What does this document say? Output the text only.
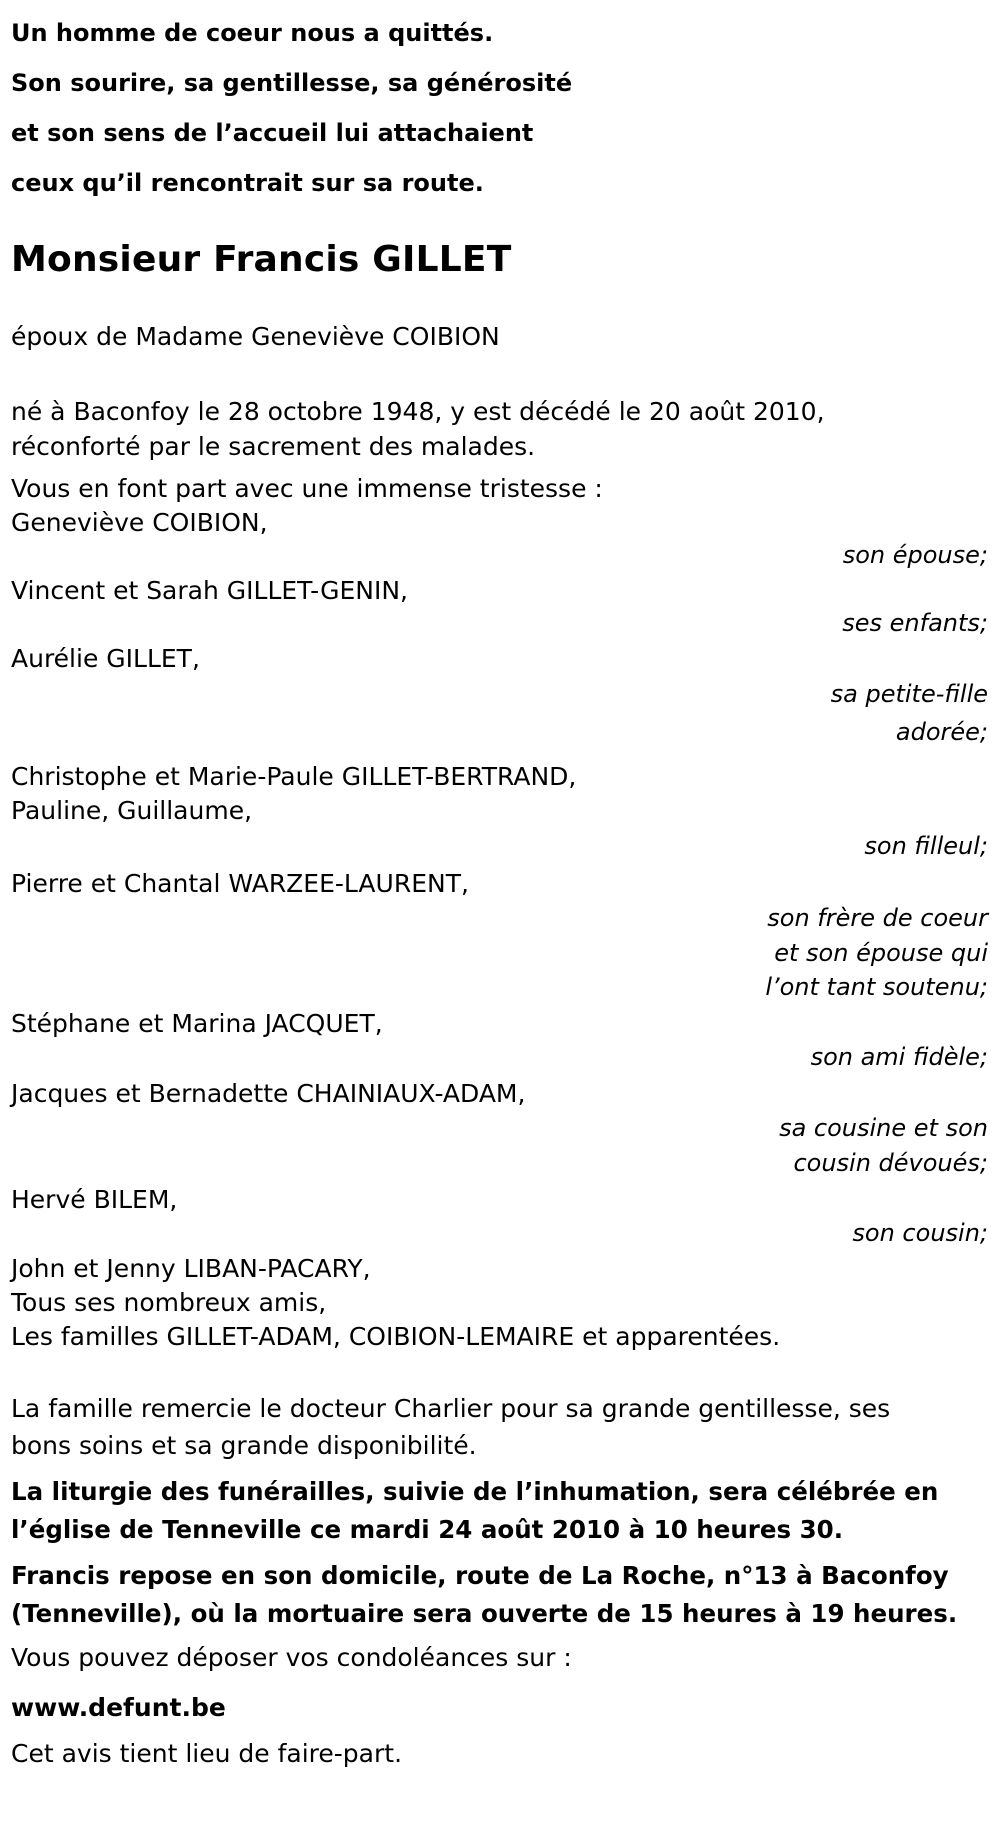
Un homme de coeur nous a quittés.
Son sourire, sa gentillesse, sa générosité
et son sens de l’accueil lui attachaient
ceux qu’il rencontrait sur sa route.
Monsieur Francis GILLET
époux de Madame Geneviève COIBION
né à Baconfoy le 28 octobre 1948, y est décédé le 20 août 2010,
réconforté par le sacrement des malades.
Vous en font part avec une immense tristesse :
Geneviève COIBION,
son épouse;
Vincent et Sarah GILLET-GENIN,
ses enfants;
Aurélie GILLET,
sa petite-fille
adorée;
Christophe et Marie-Paule GILLET-BERTRAND,
Pauline, Guillaume,
son filleul;
Pierre et Chantal WARZEE-LAURENT,
son frère de coeur
et son épouse qui
l’ont tant soutenu;
Stéphane et Marina JACQUET,
son ami fidèle;
Jacques et Bernadette CHAINIAUX-ADAM,
sa cousine et son
cousin dévoués;
Hervé BILEM,
son cousin;
John et Jenny LIBAN-PACARY,
Tous ses nombreux amis,
Les familles GILLET-ADAM, COIBION-LEMAIRE et apparentées.
La famille remercie le docteur Charlier pour sa grande gentillesse, ses
bons soins et sa grande disponibilité.
La liturgie des funérailles, suivie de l’inhumation, sera célébrée en
l’église de Tenneville ce mardi 24 août 2010 à 10 heures 30.
Francis repose en son domicile, route de La Roche, n°13 à Baconfoy
(Tenneville), où la mortuaire sera ouverte de 15 heures à 19 heures.
Vous pouvez déposer vos condoléances sur :
www.defunt.be
Cet avis tient lieu de faire-part.
